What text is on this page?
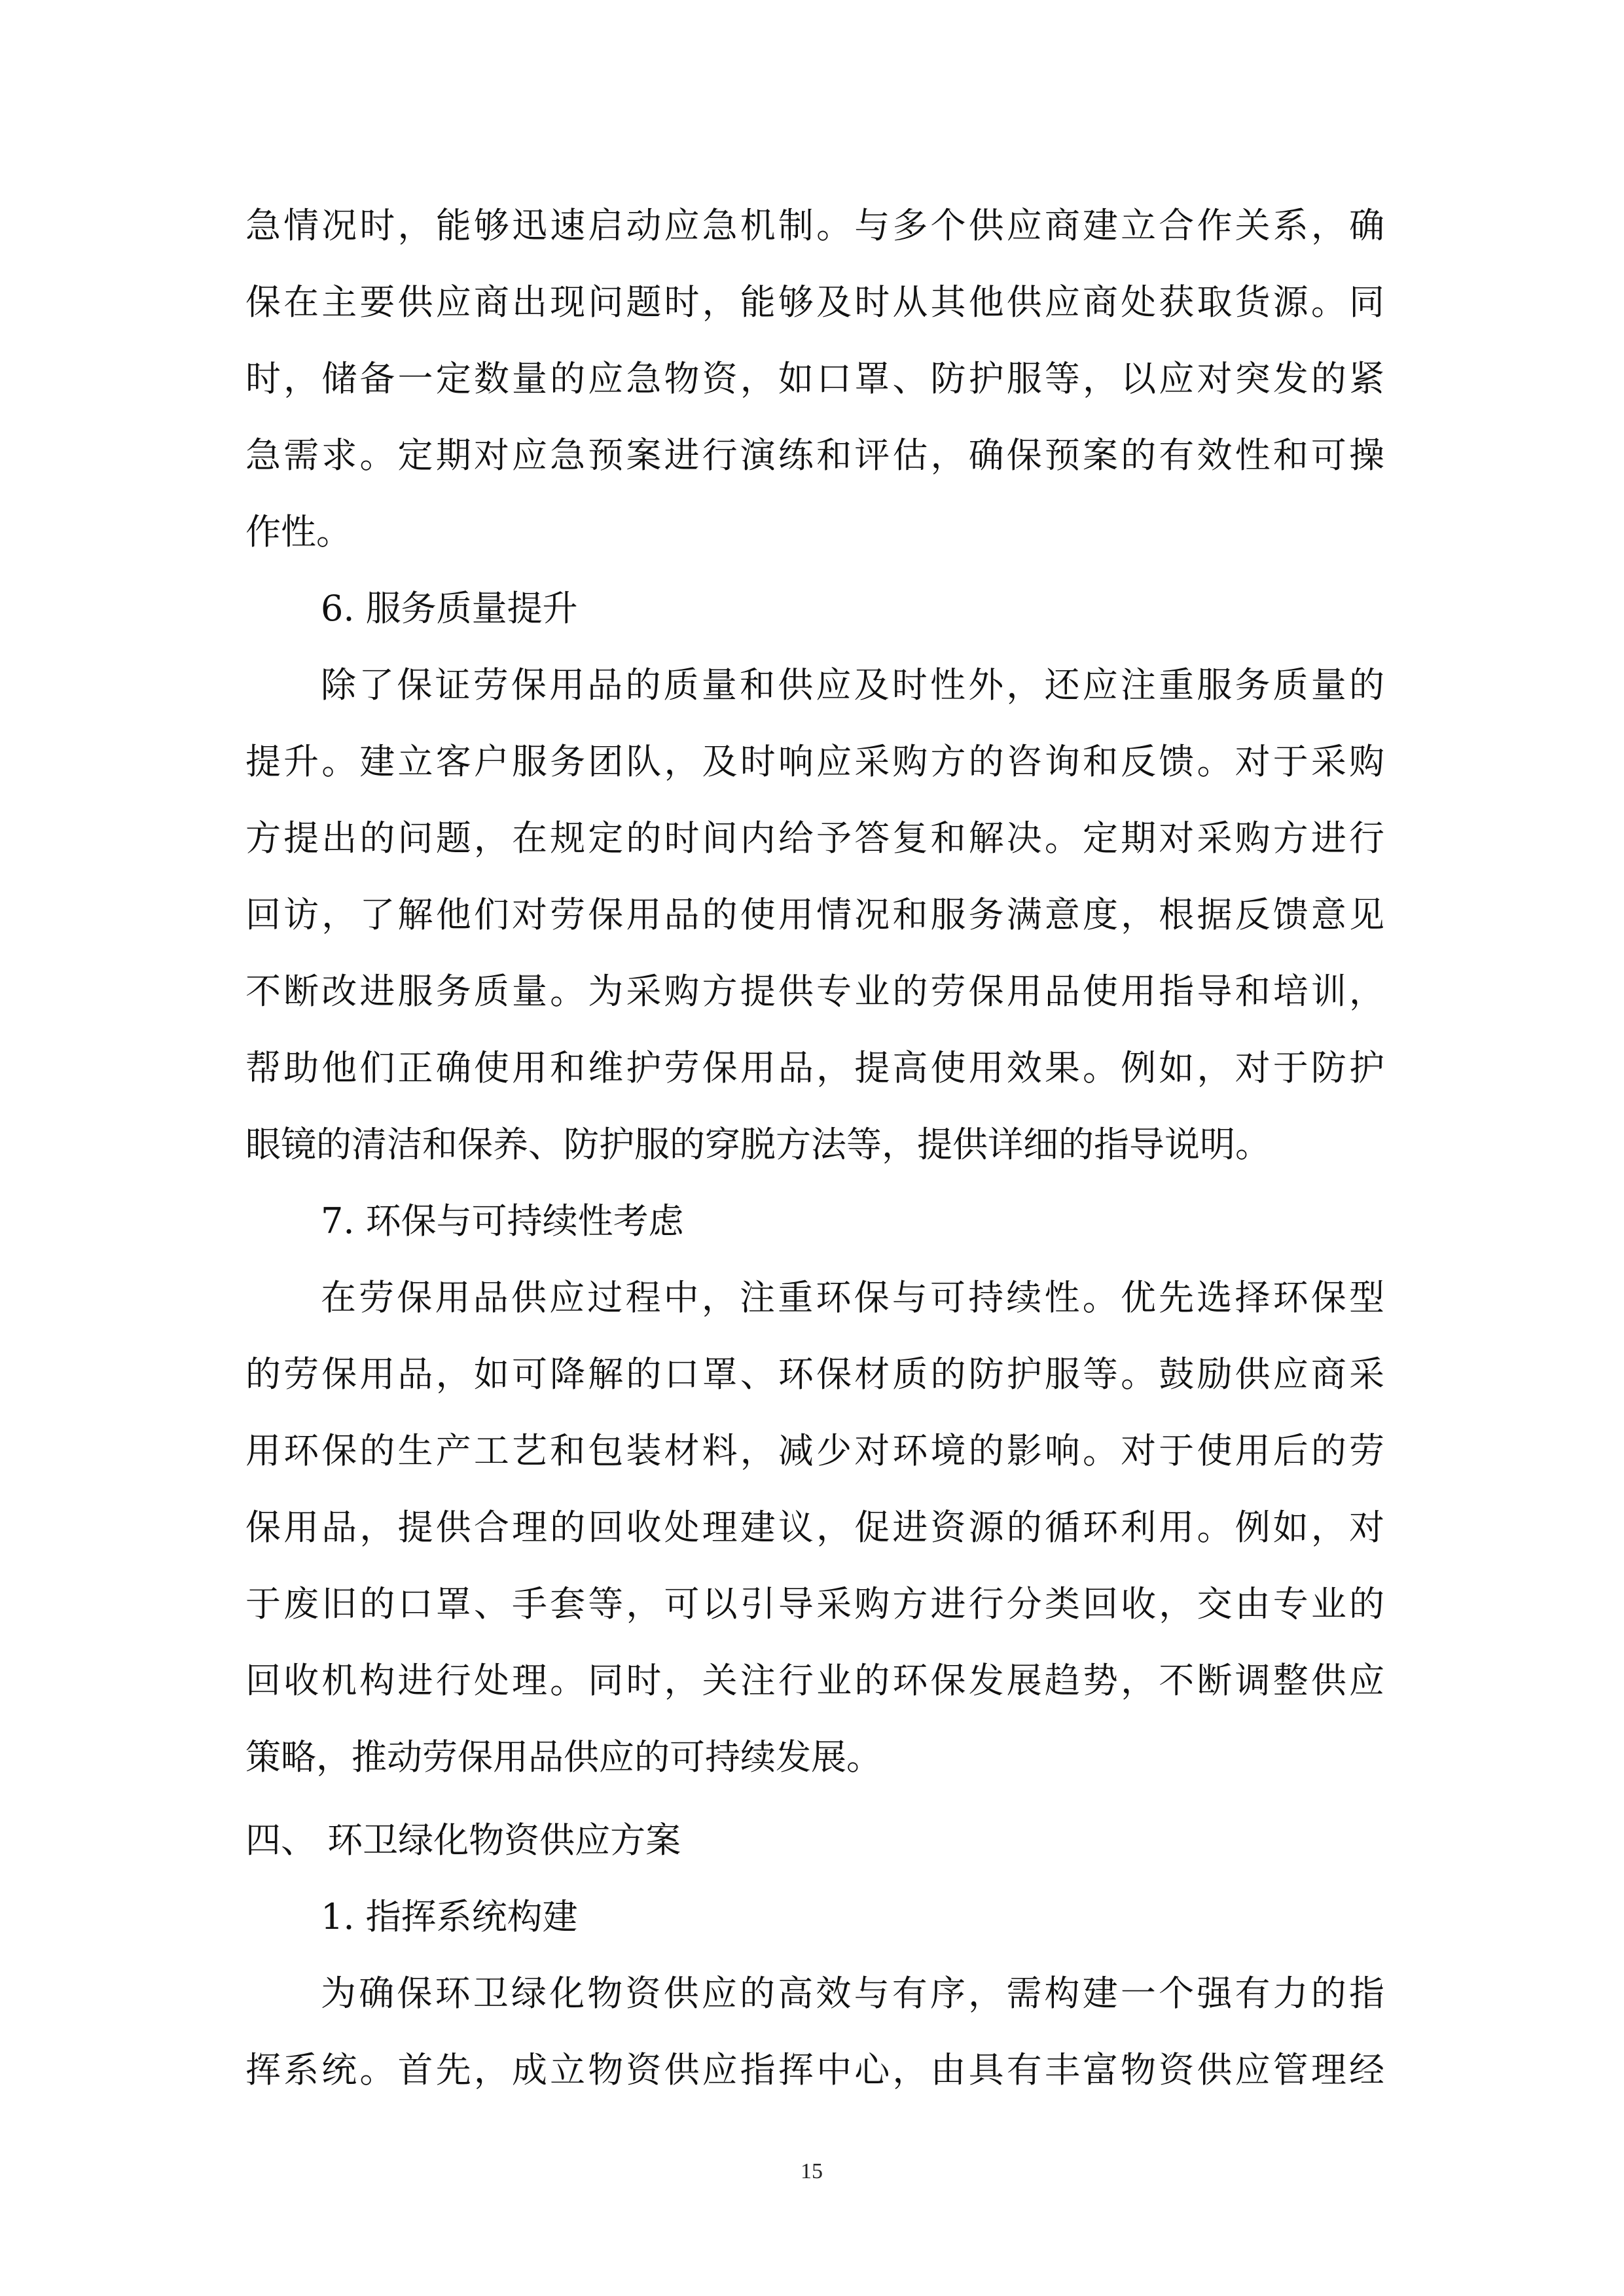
急情况时，能够迅速启动应急机制。与多个供应商建立合作关系，确
保在主要供应商出现问题时，能够及时从其他供应商处获取货源。同
时，储备一定数量的应急物资，如口罩、防护服等，以应对突发的紧
急需求。定期对应急预案进行演练和评估，确保预案的有效性和可操
作性。
6. 服务质量提升
除了保证劳保用品的质量和供应及时性外，还应注重服务质量的
提升。建立客户服务团队，及时响应采购方的咨询和反馈。对于采购
方提出的问题，在规定的时间内给予答复和解决。定期对采购方进行
回访，了解他们对劳保用品的使用情况和服务满意度，根据反馈意见
不断改进服务质量。为采购方提供专业的劳保用品使用指导和培训，
帮助他们正确使用和维护劳保用品，提高使用效果。例如，对于防护
眼镜的清洁和保养、防护服的穿脱方法等，提供详细的指导说明。
7. 环保与可持续性考虑
在劳保用品供应过程中，注重环保与可持续性。优先选择环保型
的劳保用品，如可降解的口罩、环保材质的防护服等。鼓励供应商采
用环保的生产工艺和包装材料，减少对环境的影响。对于使用后的劳
保用品，提供合理的回收处理建议，促进资源的循环利用。例如，对
于废旧的口罩、手套等，可以引导采购方进行分类回收，交由专业的
回收机构进行处理。同时，关注行业的环保发展趋势，不断调整供应
策略，推动劳保用品供应的可持续发展。
四、 环卫绿化物资供应方案
1. 指挥系统构建
为确保环卫绿化物资供应的高效与有序，需构建一个强有力的指
挥系统。首先，成立物资供应指挥中心，由具有丰富物资供应管理经
15
